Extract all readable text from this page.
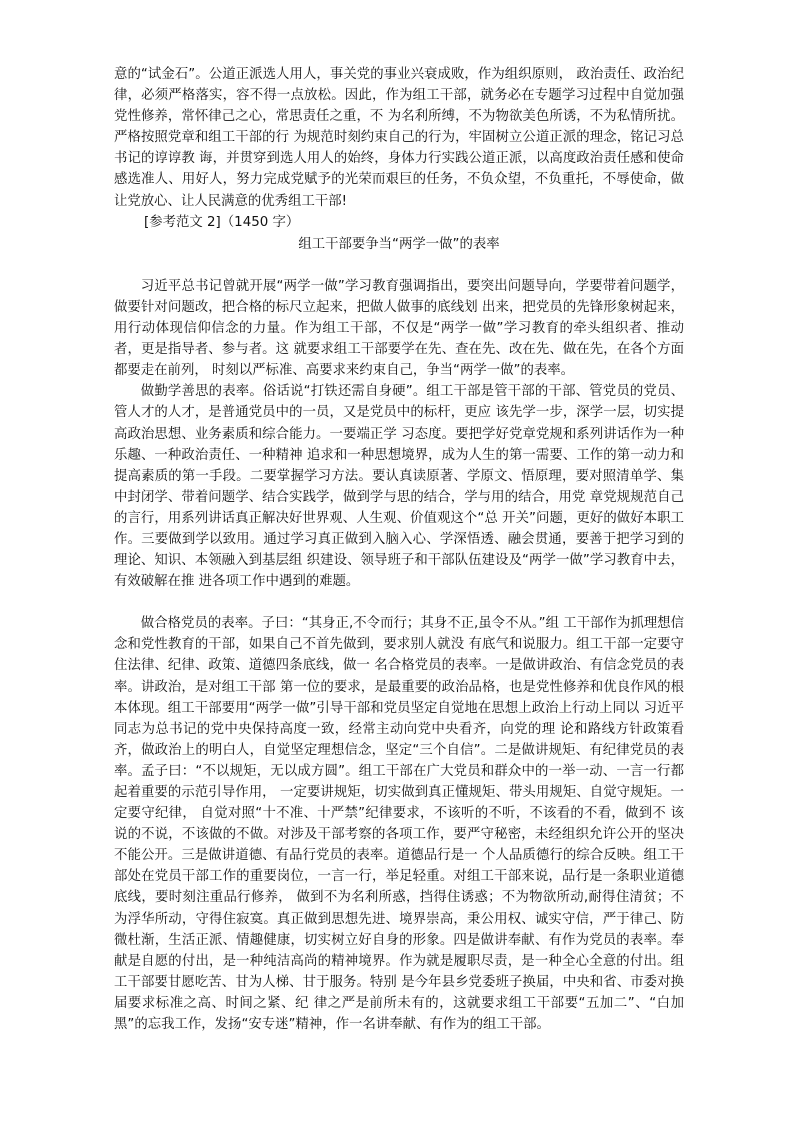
意的“试金石”。公道正派选人用人，事关党的事业兴衰成败，作为组织原则， 政治责任、政治纪律，必须严格落实，容不得一点放松。因此，作为组工干部，就务必在专题学习过程中自觉加强党性修养，常怀律己之心，常思责任之重，不 为名利所缚，不为物欲美色所诱，不为私情所扰。严格按照党章和组工干部的行 为规范时刻约束自己的行为，牢固树立公道正派的理念，铭记习总书记的谆谆教 诲，并贯穿到选人用人的始终，身体力行实践公道正派，以高度政治责任感和使命感选准人、用好人，努力完成党赋予的光荣而艰巨的任务，不负众望，不负重托，不辱使命，做让党放心、让人民满意的优秀组工干部!

[参考范文 2]（1450 字）

组工干部要争当“两学一做”的表率

习近平总书记曾就开展“两学一做”学习教育强调指出，要突出问题导向，学要带着问题学，做要针对问题改，把合格的标尺立起来，把做人做事的底线划 出来，把党员的先锋形象树起来，用行动体现信仰信念的力量。作为组工干部，不仅是“两学一做”学习教育的牵头组织者、推动者，更是指导者、参与者。这 就要求组工干部要学在先、查在先、改在先、做在先，在各个方面都要走在前列， 时刻以严标准、高要求来约束自己，争当“两学一做”的表率。

做勤学善思的表率。俗话说“打铁还需自身硬”。组工干部是管干部的干部、管党员的党员、管人才的人才，是普通党员中的一员，又是党员中的标杆，更应 该先学一步，深学一层，切实提高政治思想、业务素质和综合能力。一要端正学 习态度。要把学好党章党规和系列讲话作为一种乐趣、一种政治责任、一种精神 追求和一种思想境界，成为人生的第一需要、工作的第一动力和提高素质的第一手段。二要掌握学习方法。要认真读原著、学原文、悟原理，要对照清单学、集 中封闭学、带着问题学、结合实践学，做到学与思的结合，学与用的结合，用党 章党规规范自己的言行，用系列讲话真正解决好世界观、人生观、价值观这个“总 开关”问题，更好的做好本职工作。三要做到学以致用。通过学习真正做到入脑入心、学深悟透、融会贯通，要善于把学习到的理论、知识、本领融入到基层组 织建设、领导班子和干部队伍建设及“两学一做”学习教育中去，有效破解在推 进各项工作中遇到的难题。

做合格党员的表率。子曰：“其身正,不令而行；其身不正,虽令不从。”组 工干部作为抓理想信念和党性教育的干部，如果自己不首先做到，要求别人就没 有底气和说服力。组工干部一定要守住法律、纪律、政策、道德四条底线，做一 名合格党员的表率。一是做讲政治、有信念党员的表率。讲政治，是对组工干部 第一位的要求，是最重要的政治品格，也是党性修养和优良作风的根本体现。组工干部要用“两学一做”引导干部和党员坚定自觉地在思想上政治上行动上同以 习近平同志为总书记的党中央保持高度一致，经常主动向党中央看齐，向党的理 论和路线方针政策看齐，做政治上的明白人，自觉坚定理想信念，坚定“三个自信”。二是做讲规矩、有纪律党员的表率。孟子曰：“不以规矩，无以成方圆”。组工干部在广大党员和群众中的一举一动、一言一行都起着重要的示范引导作用， 一定要讲规矩，切实做到真正懂规矩、带头用规矩、自觉守规矩。一定要守纪律， 自觉对照“十不准、十严禁”纪律要求，不该听的不听，不该看的不看，做到不 该说的不说，不该做的不做。对涉及干部考察的各项工作，要严守秘密，未经组织允许公开的坚决不能公开。三是做讲道德、有品行党员的表率。道德品行是一 个人品质德行的综合反映。组工干部处在党员干部工作的重要岗位，一言一行，举足轻重。对组工干部来说，品行是一条职业道德底线，要时刻注重品行修养， 做到不为名利所惑，挡得住诱惑；不为物欲所动,耐得住清贫；不为浮华所动，守得住寂寞。真正做到思想先进、境界崇高，秉公用权、诚实守信，严于律己、防 微杜渐，生活正派、情趣健康，切实树立好自身的形象。四是做讲奉献、有作为党员的表率。奉献是自愿的付出，是一种纯洁高尚的精神境界。作为就是履职尽责，是一种全心全意的付出。组工干部要甘愿吃苦、甘为人梯、甘于服务。特别 是今年县乡党委班子换届，中央和省、市委对换届要求标准之高、时间之紧、纪 律之严是前所未有的，这就要求组工干部要“五加二”、“白加黑”的忘我工作，发扬“安专迷”精神，作一名讲奉献、有作为的组工干部。
